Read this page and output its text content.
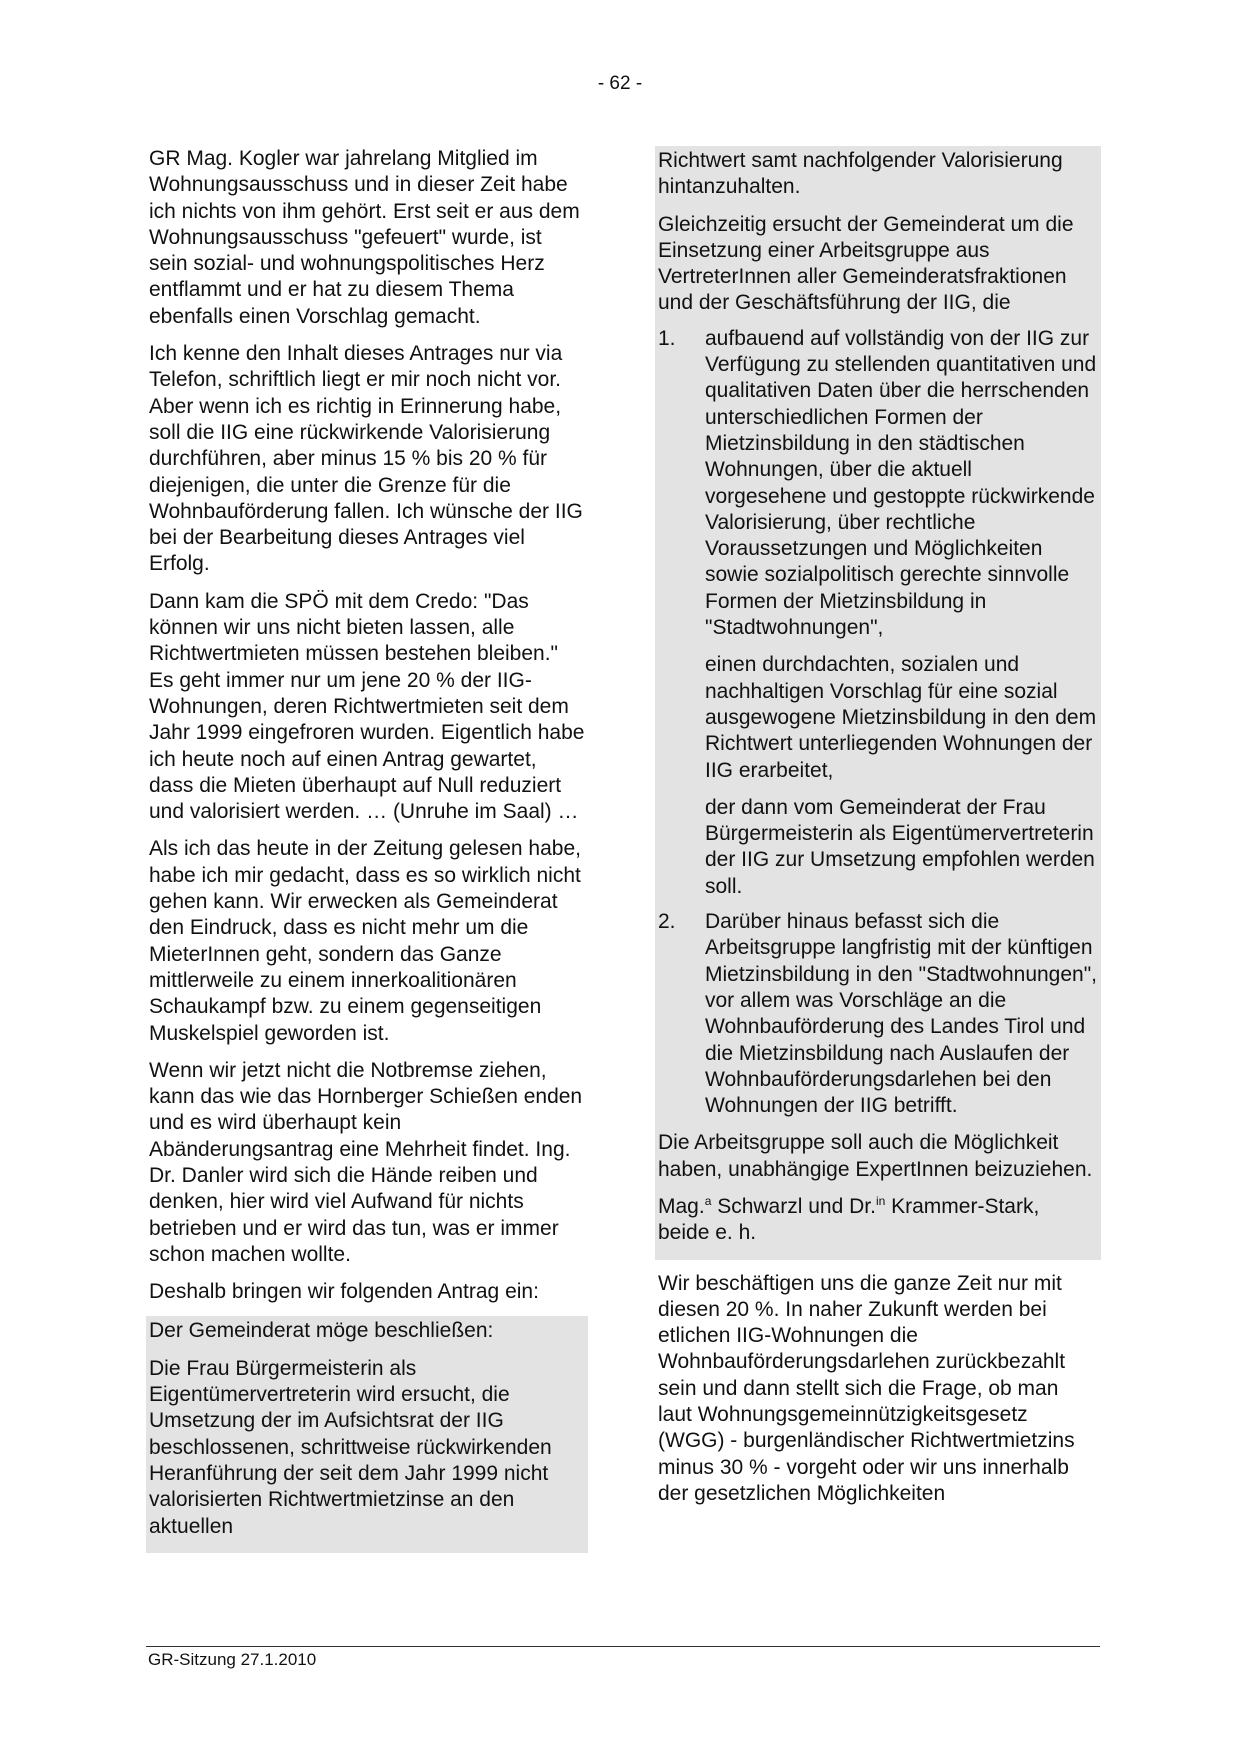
- 62 -

GR Mag. Kogler war jahrelang Mitglied im Wohnungsausschuss und in dieser Zeit habe ich nichts von ihm gehört. Erst seit er aus dem Wohnungsausschuss "gefeuert" wurde, ist sein sozial- und wohnungspolitisches Herz entflammt und er hat zu diesem Thema ebenfalls einen Vorschlag gemacht.

Ich kenne den Inhalt dieses Antrages nur via Telefon, schriftlich liegt er mir noch nicht vor. Aber wenn ich es richtig in Erinnerung habe, soll die IIG eine rückwirkende Valorisierung durchführen, aber minus 15 % bis 20 % für diejenigen, die unter die Grenze für die Wohnbauförderung fallen. Ich wünsche der IIG bei der Bearbeitung dieses Antrages viel Erfolg.

Dann kam die SPÖ mit dem Credo: "Das können wir uns nicht bieten lassen, alle Richtwertmieten müssen bestehen bleiben." Es geht immer nur um jene 20 % der IIG-Wohnungen, deren Richtwertmieten seit dem Jahr 1999 eingefroren wurden. Eigentlich habe ich heute noch auf einen Antrag gewartet, dass die Mieten überhaupt auf Null reduziert und valorisiert werden. … (Unruhe im Saal) …

Als ich das heute in der Zeitung gelesen habe, habe ich mir gedacht, dass es so wirklich nicht gehen kann. Wir erwecken als Gemeinderat den Eindruck, dass es nicht mehr um die MieterInnen geht, sondern das Ganze mittlerweile zu einem innerkoalitionären Schaukampf bzw. zu einem gegenseitigen Muskelspiel geworden ist.

Wenn wir jetzt nicht die Notbremse ziehen, kann das wie das Hornberger Schießen enden und es wird überhaupt kein Abänderungsantrag eine Mehrheit findet. Ing. Dr. Danler wird sich die Hände reiben und denken, hier wird viel Aufwand für nichts betrieben und er wird das tun, was er immer schon machen wollte.

Deshalb bringen wir folgenden Antrag ein:

Der Gemeinderat möge beschließen:

Die Frau Bürgermeisterin als Eigentümervertreterin wird ersucht, die Umsetzung der im Aufsichtsrat der IIG beschlossenen, schrittweise rückwirkenden Heranführung der seit dem Jahr 1999 nicht valorisierten Richtwertmietzinse an den aktuellen

Richtwert samt nachfolgender Valorisierung hintanzuhalten.

Gleichzeitig ersucht der Gemeinderat um die Einsetzung einer Arbeitsgruppe aus VertreterInnen aller Gemeinderatsfraktionen und der Geschäftsführung der IIG, die

1.	aufbauend auf vollständig von der IIG zur Verfügung zu stellenden quantitativen und qualitativen Daten über die herrschenden unterschiedlichen Formen der Mietzinsbildung in den städtischen Wohnungen, über die aktuell vorgesehene und gestoppte rückwirkende Valorisierung, über rechtliche Voraussetzungen und Möglichkeiten sowie sozialpolitisch gerechte sinnvolle Formen der Mietzinsbildung in "Stadtwohnungen",

einen durchdachten, sozialen und nachhaltigen Vorschlag für eine sozial ausgewogene Mietzinsbildung in den dem Richtwert unterliegenden Wohnungen der IIG erarbeitet,

der dann vom Gemeinderat der Frau Bürgermeisterin als Eigentümervertreterin der IIG zur Umsetzung empfohlen werden soll.

2.	Darüber hinaus befasst sich die Arbeitsgruppe langfristig mit der künftigen Mietzinsbildung in den "Stadtwohnungen", vor allem was Vorschläge an die Wohnbauförderung des Landes Tirol und die Mietzinsbildung nach Auslaufen der Wohnbauförderungsdarlehen bei den Wohnungen der IIG betrifft.

Die Arbeitsgruppe soll auch die Möglichkeit haben, unabhängige ExpertInnen beizuziehen.

Mag.$^a$ Schwarzl und Dr.$^{in}$ Krammer-Stark,
beide e. h.

Wir beschäftigen uns die ganze Zeit nur mit diesen 20 %. In naher Zukunft werden bei etlichen IIG-Wohnungen die Wohnbauförderungsdarlehen zurückbezahlt sein und dann stellt sich die Frage, ob man laut Wohnungsgemeinnützigkeitsgesetz (WGG) - burgenländischer Richtwertmietzins minus 30 % - vorgeht oder wir uns innerhalb der gesetzlichen Möglichkeiten

GR-Sitzung 27.1.2010
